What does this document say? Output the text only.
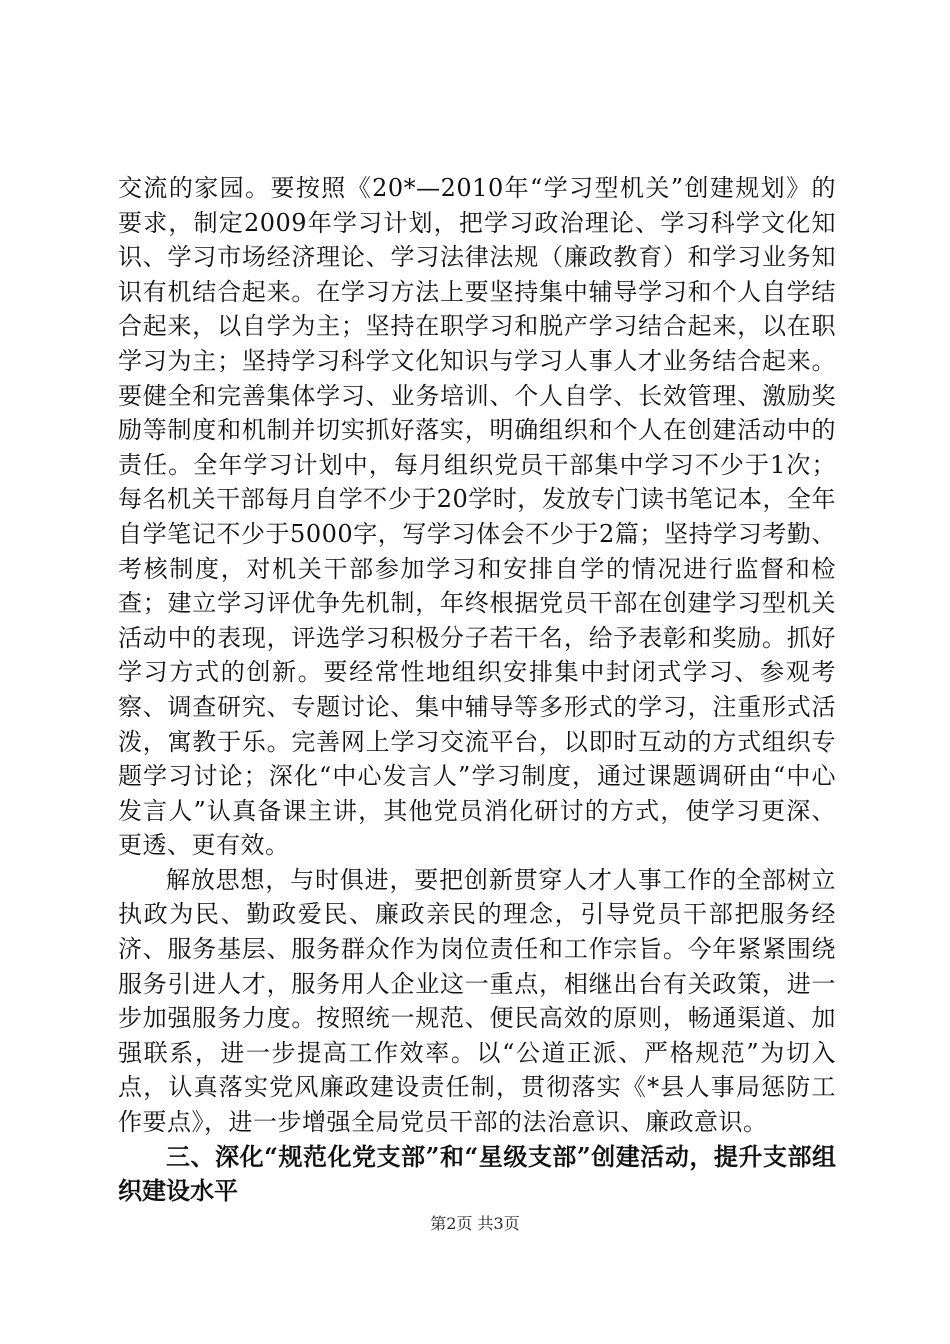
交流的家园。要按照《20*—2010年“学习型机关”创建规划》的要求，制定2009年学习计划，把学习政治理论、学习科学文化知识、学习市场经济理论、学习法律法规（廉政教育）和学习业务知识有机结合起来。在学习方法上要坚持集中辅导学习和个人自学结合起来，以自学为主；坚持在职学习和脱产学习结合起来，以在职学习为主；坚持学习科学文化知识与学习人事人才业务结合起来。要健全和完善集体学习、业务培训、个人自学、长效管理、激励奖励等制度和机制并切实抓好落实，明确组织和个人在创建活动中的责任。全年学习计划中，每月组织党员干部集中学习不少于1次；每名机关干部每月自学不少于20学时，发放专门读书笔记本，全年自学笔记不少于5000字，写学习体会不少于2篇；坚持学习考勤、考核制度，对机关干部参加学习和安排自学的情况进行监督和检查；建立学习评优争先机制，年终根据党员干部在创建学习型机关活动中的表现，评选学习积极分子若干名，给予表彰和奖励。抓好学习方式的创新。要经常性地组织安排集中封闭式学习、参观考察、调查研究、专题讨论、集中辅导等多形式的学习，注重形式活泼，寓教于乐。完善网上学习交流平台，以即时互动的方式组织专题学习讨论；深化“中心发言人”学习制度，通过课题调研由“中心发言人”认真备课主讲，其他党员消化研讨的方式，使学习更深、更透、更有效。

解放思想，与时俱进，要把创新贯穿人才人事工作的全部树立执政为民、勤政爱民、廉政亲民的理念，引导党员干部把服务经济、服务基层、服务群众作为岗位责任和工作宗旨。今年紧紧围绕服务引进人才，服务用人企业这一重点，相继出台有关政策，进一步加强服务力度。按照统一规范、便民高效的原则，畅通渠道、加强联系，进一步提高工作效率。以“公道正派、严格规范”为切入点，认真落实党风廉政建设责任制，贯彻落实《*县人事局惩防工作要点》，进一步增强全局党员干部的法治意识、廉政意识。

三、深化“规范化党支部”和“星级支部”创建活动，提升支部组织建设水平

第2页 共3页
